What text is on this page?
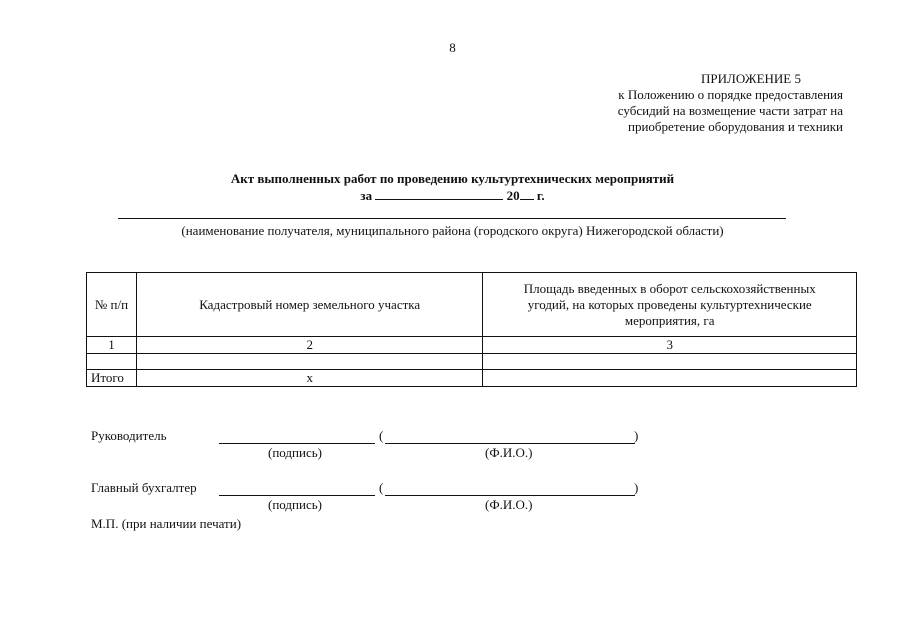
8
ПРИЛОЖЕНИЕ 5
к Положению о порядке предоставления
субсидий на возмещение части затрат на
приобретение оборудования и техники
Акт выполненных работ по проведению культуртехнических мероприятий
за	20 г.
(наименование получателя, муниципального района (городского округа) Нижегородской области)
№ п/п	Кадастровый номер земельного участка	Площадь введенных в оборот сельскохозяйственных угодий, на которых проведены культуртехнические мероприятия, га
1	2	3

Итого	х	
Руководитель	(	)
(подпись)	(Ф.И.О.)
Главный бухгалтер	(	)
(подпись)	(Ф.И.О.)
М.П. (при наличии печати)
